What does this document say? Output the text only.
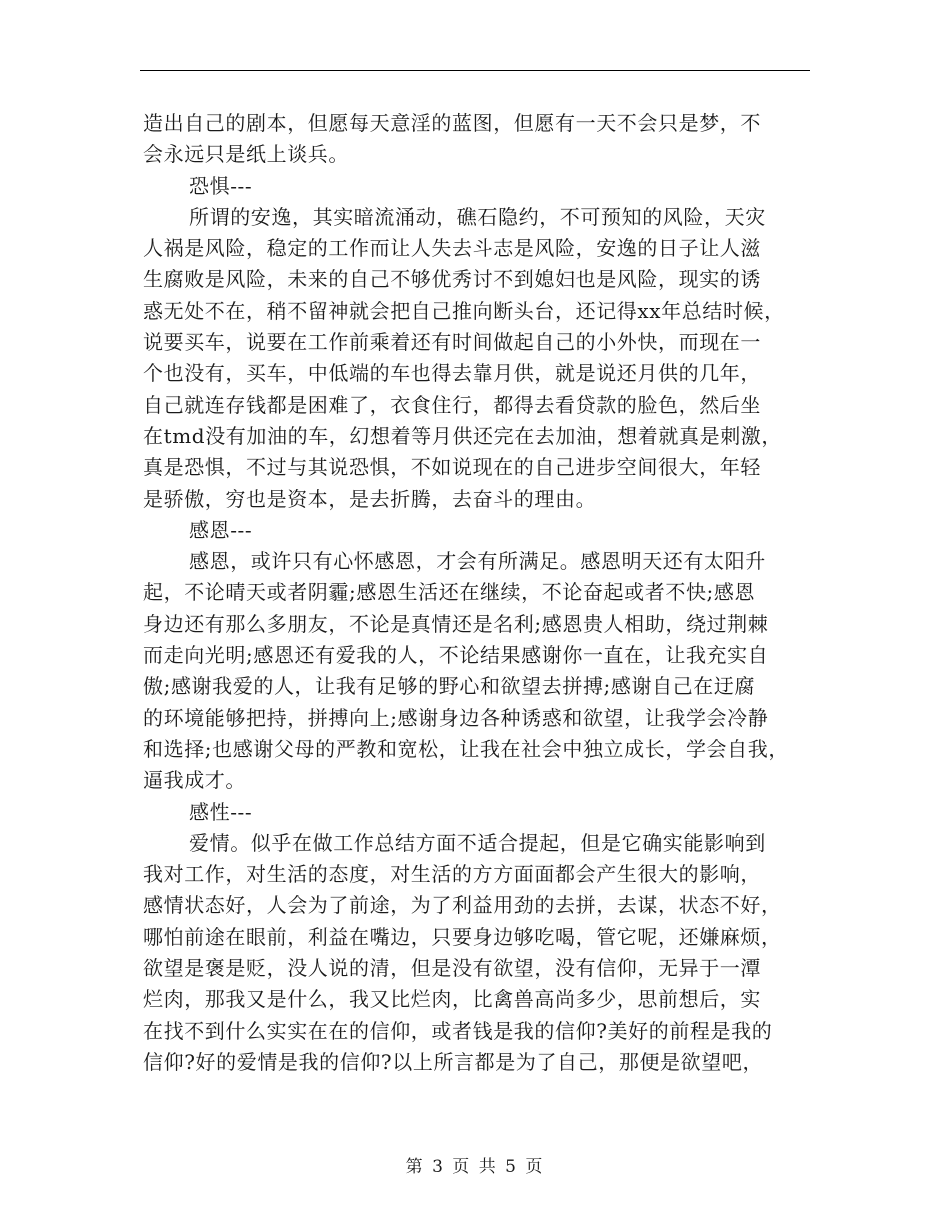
造出自己的剧本，但愿每天意淫的蓝图，但愿有一天不会只是梦，不
会永远只是纸上谈兵。
恐惧---
所谓的安逸，其实暗流涌动，礁石隐约，不可预知的风险，天灾
人祸是风险，稳定的工作而让人失去斗志是风险，安逸的日子让人滋
生腐败是风险，未来的自己不够优秀讨不到媳妇也是风险，现实的诱
惑无处不在，稍不留神就会把自己推向断头台，还记得xx年总结时候，
说要买车，说要在工作前乘着还有时间做起自己的小外快，而现在一
个也没有，买车，中低端的车也得去靠月供，就是说还月供的几年，
自己就连存钱都是困难了，衣食住行，都得去看贷款的脸色，然后坐
在tmd没有加油的车，幻想着等月供还完在去加油，想着就真是刺激，
真是恐惧，不过与其说恐惧，不如说现在的自己进步空间很大，年轻
是骄傲，穷也是资本，是去折腾，去奋斗的理由。
感恩---
感恩，或许只有心怀感恩，才会有所满足。感恩明天还有太阳升
起，不论晴天或者阴霾;感恩生活还在继续，不论奋起或者不快;感恩
身边还有那么多朋友，不论是真情还是名利;感恩贵人相助，绕过荆棘
而走向光明;感恩还有爱我的人，不论结果感谢你一直在，让我充实自
傲;感谢我爱的人，让我有足够的野心和欲望去拼搏;感谢自己在迂腐
的环境能够把持，拼搏向上;感谢身边各种诱惑和欲望，让我学会冷静
和选择;也感谢父母的严教和宽松，让我在社会中独立成长，学会自我，
逼我成才。
感性---
爱情。似乎在做工作总结方面不适合提起，但是它确实能影响到
我对工作，对生活的态度，对生活的方方面面都会产生很大的影响，
感情状态好，人会为了前途，为了利益用劲的去拼，去谋，状态不好，
哪怕前途在眼前，利益在嘴边，只要身边够吃喝，管它呢，还嫌麻烦，
欲望是褒是贬，没人说的清，但是没有欲望，没有信仰，无异于一潭
烂肉，那我又是什么，我又比烂肉，比禽兽高尚多少，思前想后，实
在找不到什么实实在在的信仰，或者钱是我的信仰?美好的前程是我的
信仰?好的爱情是我的信仰?以上所言都是为了自己，那便是欲望吧，
第 3 页 共 5 页
